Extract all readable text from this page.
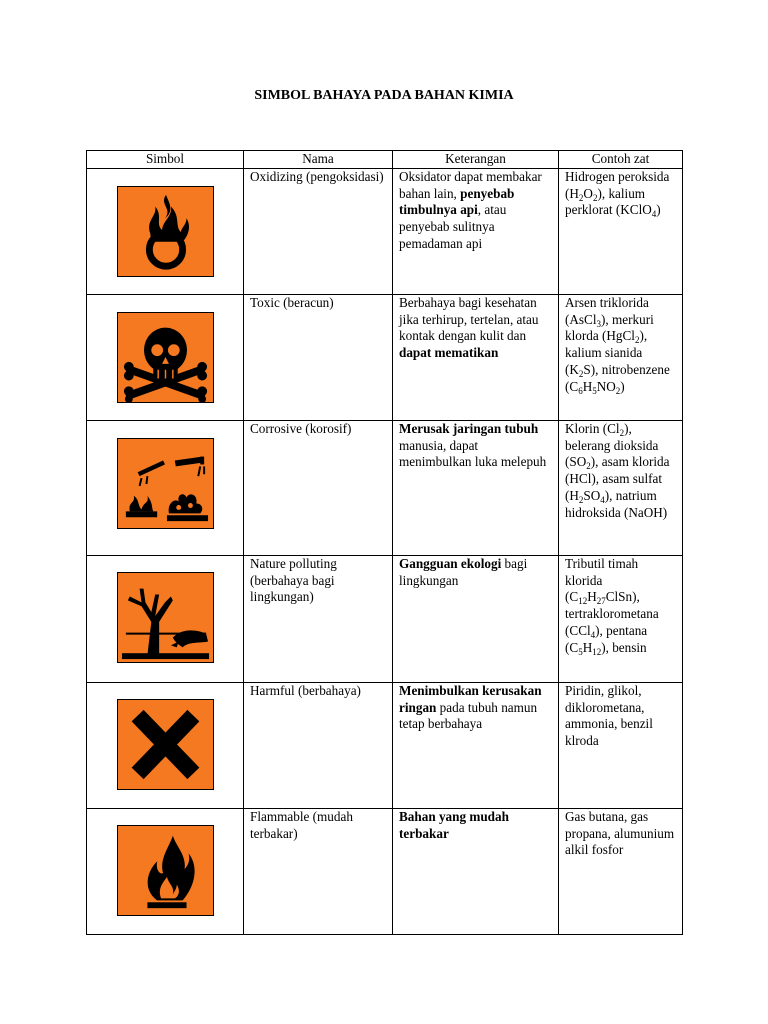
SIMBOL BAHAYA PADA BAHAN KIMIA
Simbol	Nama	Keterangan	Contoh zat

	Oxidizing (pengoksidasi)	Oksidator dapat membakar bahan lain, penyebab timbulnya api, atau penyebab sulitnya pemadaman api	Hidrogen peroksida $(H_2O_2)$, kalium perklorat (KClO$_4$)

	Toxic (beracun)	Berbahaya bagi kesehatan jika terhirup, tertelan, atau kontak dengan kulit dan dapat mematikan	Arsen triklorida (AsCl$_3$), merkuri klorda (HgCl$_2$), kalium sianida $(K_2S)$, nitrobenzene $(C_6H_5NO_2)$

	Corrosive (korosif)	Merusak jaringan tubuh manusia, dapat menimbulkan luka melepuh	Klorin $(Cl_2)$, belerang dioksida $(SO_2)$, asam klorida (HCl), asam sulfat $(H_2SO_4)$, natrium hidroksida (NaOH)

	Nature polluting (berbahaya bagi lingkungan)	Gangguan ekologi bagi lingkungan	Tributil timah klorida $(C_{12}H_{27}ClSn)$, tertraklorometana (CCl$_4$), pentana $(C_5H_{12})$, bensin

	Harmful (berbahaya)	Menimbulkan kerusakan ringan pada tubuh namun tetap berbahaya	Piridin, glikol, diklorometana, ammonia, benzil klroda

	Flammable (mudah terbakar)	Bahan yang mudah terbakar	Gas butana, gas propana, alumunium alkil fosfor
